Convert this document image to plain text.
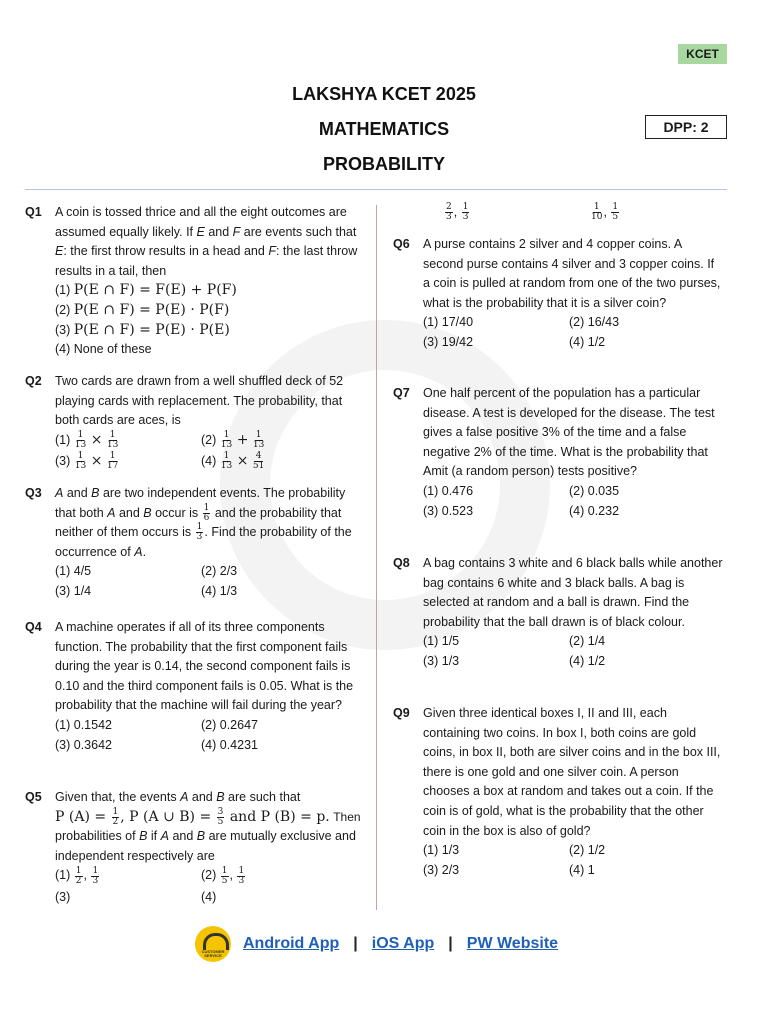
KCET
LAKSHYA KCET 2025
MATHEMATICS
PROBABILITY
DPP: 2
Q1 A coin is tossed thrice and all the eight outcomes are assumed equally likely. If E and F are events such that E: the first throw results in a head and F: the last throw results in a tail, then
(1) P(E ∩ F) = F(E) + P(F)
(2) P(E ∩ F) = P(E) · P(F)
(3) P(E ∩ F) = P(E) · P(E)
(4) None of these
Q2 Two cards are drawn from a well shuffled deck of 52 playing cards with replacement. The probability, that both cards are aces, is
$(1) \frac{1}{13} \times \frac{1}{13}$	$(2) \frac{1}{13} + \frac{1}{13}$
$(3) \frac{1}{13} \times \frac{1}{17}$	$(4) \frac{1}{13} \times \frac{4}{51}$
Q3 A and B are two independent events. The probability that both A and B occur is $\frac{1}{6}$ and the probability that neither of them occurs is $\frac{1}{3}$ . Find the probability of the occurrence of A.
(1) 4/5	(2) 2/3
(3) 1/4	(4) 1/3
Q4 A machine operates if all of its three components function. The probability that the first component fails during the year is 0.14, the second component fails is 0.10 and the third component fails is 0.05. What is the probability that the machine will fail during the year?
(1) 0.1542	(2) 0.2647
(3) 0.3642	(4) 0.4231
Q5 Given that, the events A and B are such that
P $(A) = \frac{1}{2}$ , P (A ∪ $B) = \frac{3}{5}$ and P (B) = p. Then
probabilities of B if A and B are mutually exclusive and independent respectively are
$(1) \frac{1}{2}$ , $\frac{1}{3}$	$(2) \frac{1}{5}$ , $\frac{1}{3}$
(3)	(4)
$\frac{2}{3}$ , $\frac{1}{3}$	$\frac{1}{10}$ , $\frac{1}{5}$
Q6 A purse contains 2 silver and 4 copper coins. A second purse contains 4 silver and 3 copper coins. If a coin is pulled at random from one of the two purses, what is the probability that it is a silver coin?
(1) 17/40	(2) 16/43
(3) 19/42	(4) 1/2
Q7 One half percent of the population has a particular disease. A test is developed for the disease. The test gives a false positive 3% of the time and a false negative 2% of the time. What is the probability that Amit (a random person) tests positive?
(1) 0.476	(2) 0.035
(3) 0.523	(4) 0.232
Q8 A bag contains 3 white and 6 black balls while another bag contains 6 white and 3 black balls. A bag is selected at random and a ball is drawn. Find the probability that the ball drawn is of black colour.
(1) 1/5	(2) 1/4
(3) 1/3	(4) 1/2
Q9 Given three identical boxes I, II and III, each containing two coins. In box I, both coins are gold coins, in box II, both are silver coins and in the box III, there is one gold and one silver coin. A person chooses a box at random and takes out a coin. If the coin is of gold, what is the probability that the other coin in the box is also of gold?
(1) 1/3	(2) 1/2
(3) 2/3	(4) 1
CUSTOMER SERVICE
Android App | iOS App | PW Website
